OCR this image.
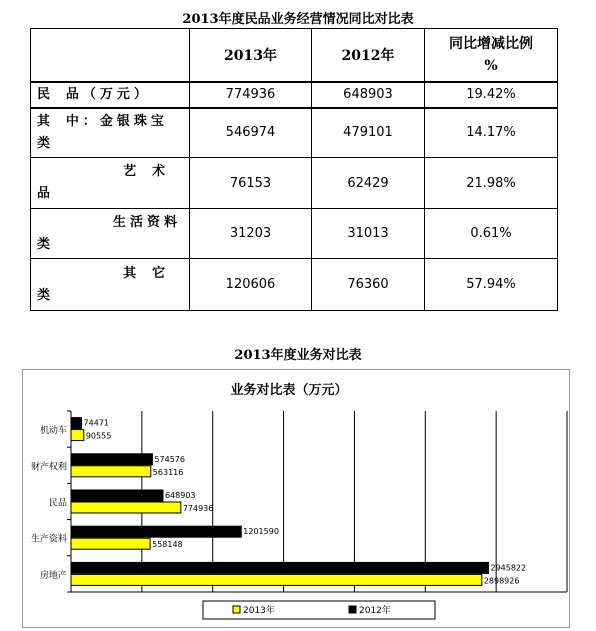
2013年度民品业务经营情况同比对比表
	2013年	2012年	同比增减比例
%

民 品（万元）	774936	648903	19.42%

其 中：金银珠宝
类	546974	479101	14.17%

艺 术
品	76153	62429	21.98%

生活资料
类	31203	31013	0.61%

其 它
类	120606	76360	57.94%
2013年度业务对比表
业务对比表（万元）
机动车
74471
90555
财产权利
574576
563116
民品
648903
774936
生产资料
1201590
558148
房地产
2945822
2898926
2013年	2012年
